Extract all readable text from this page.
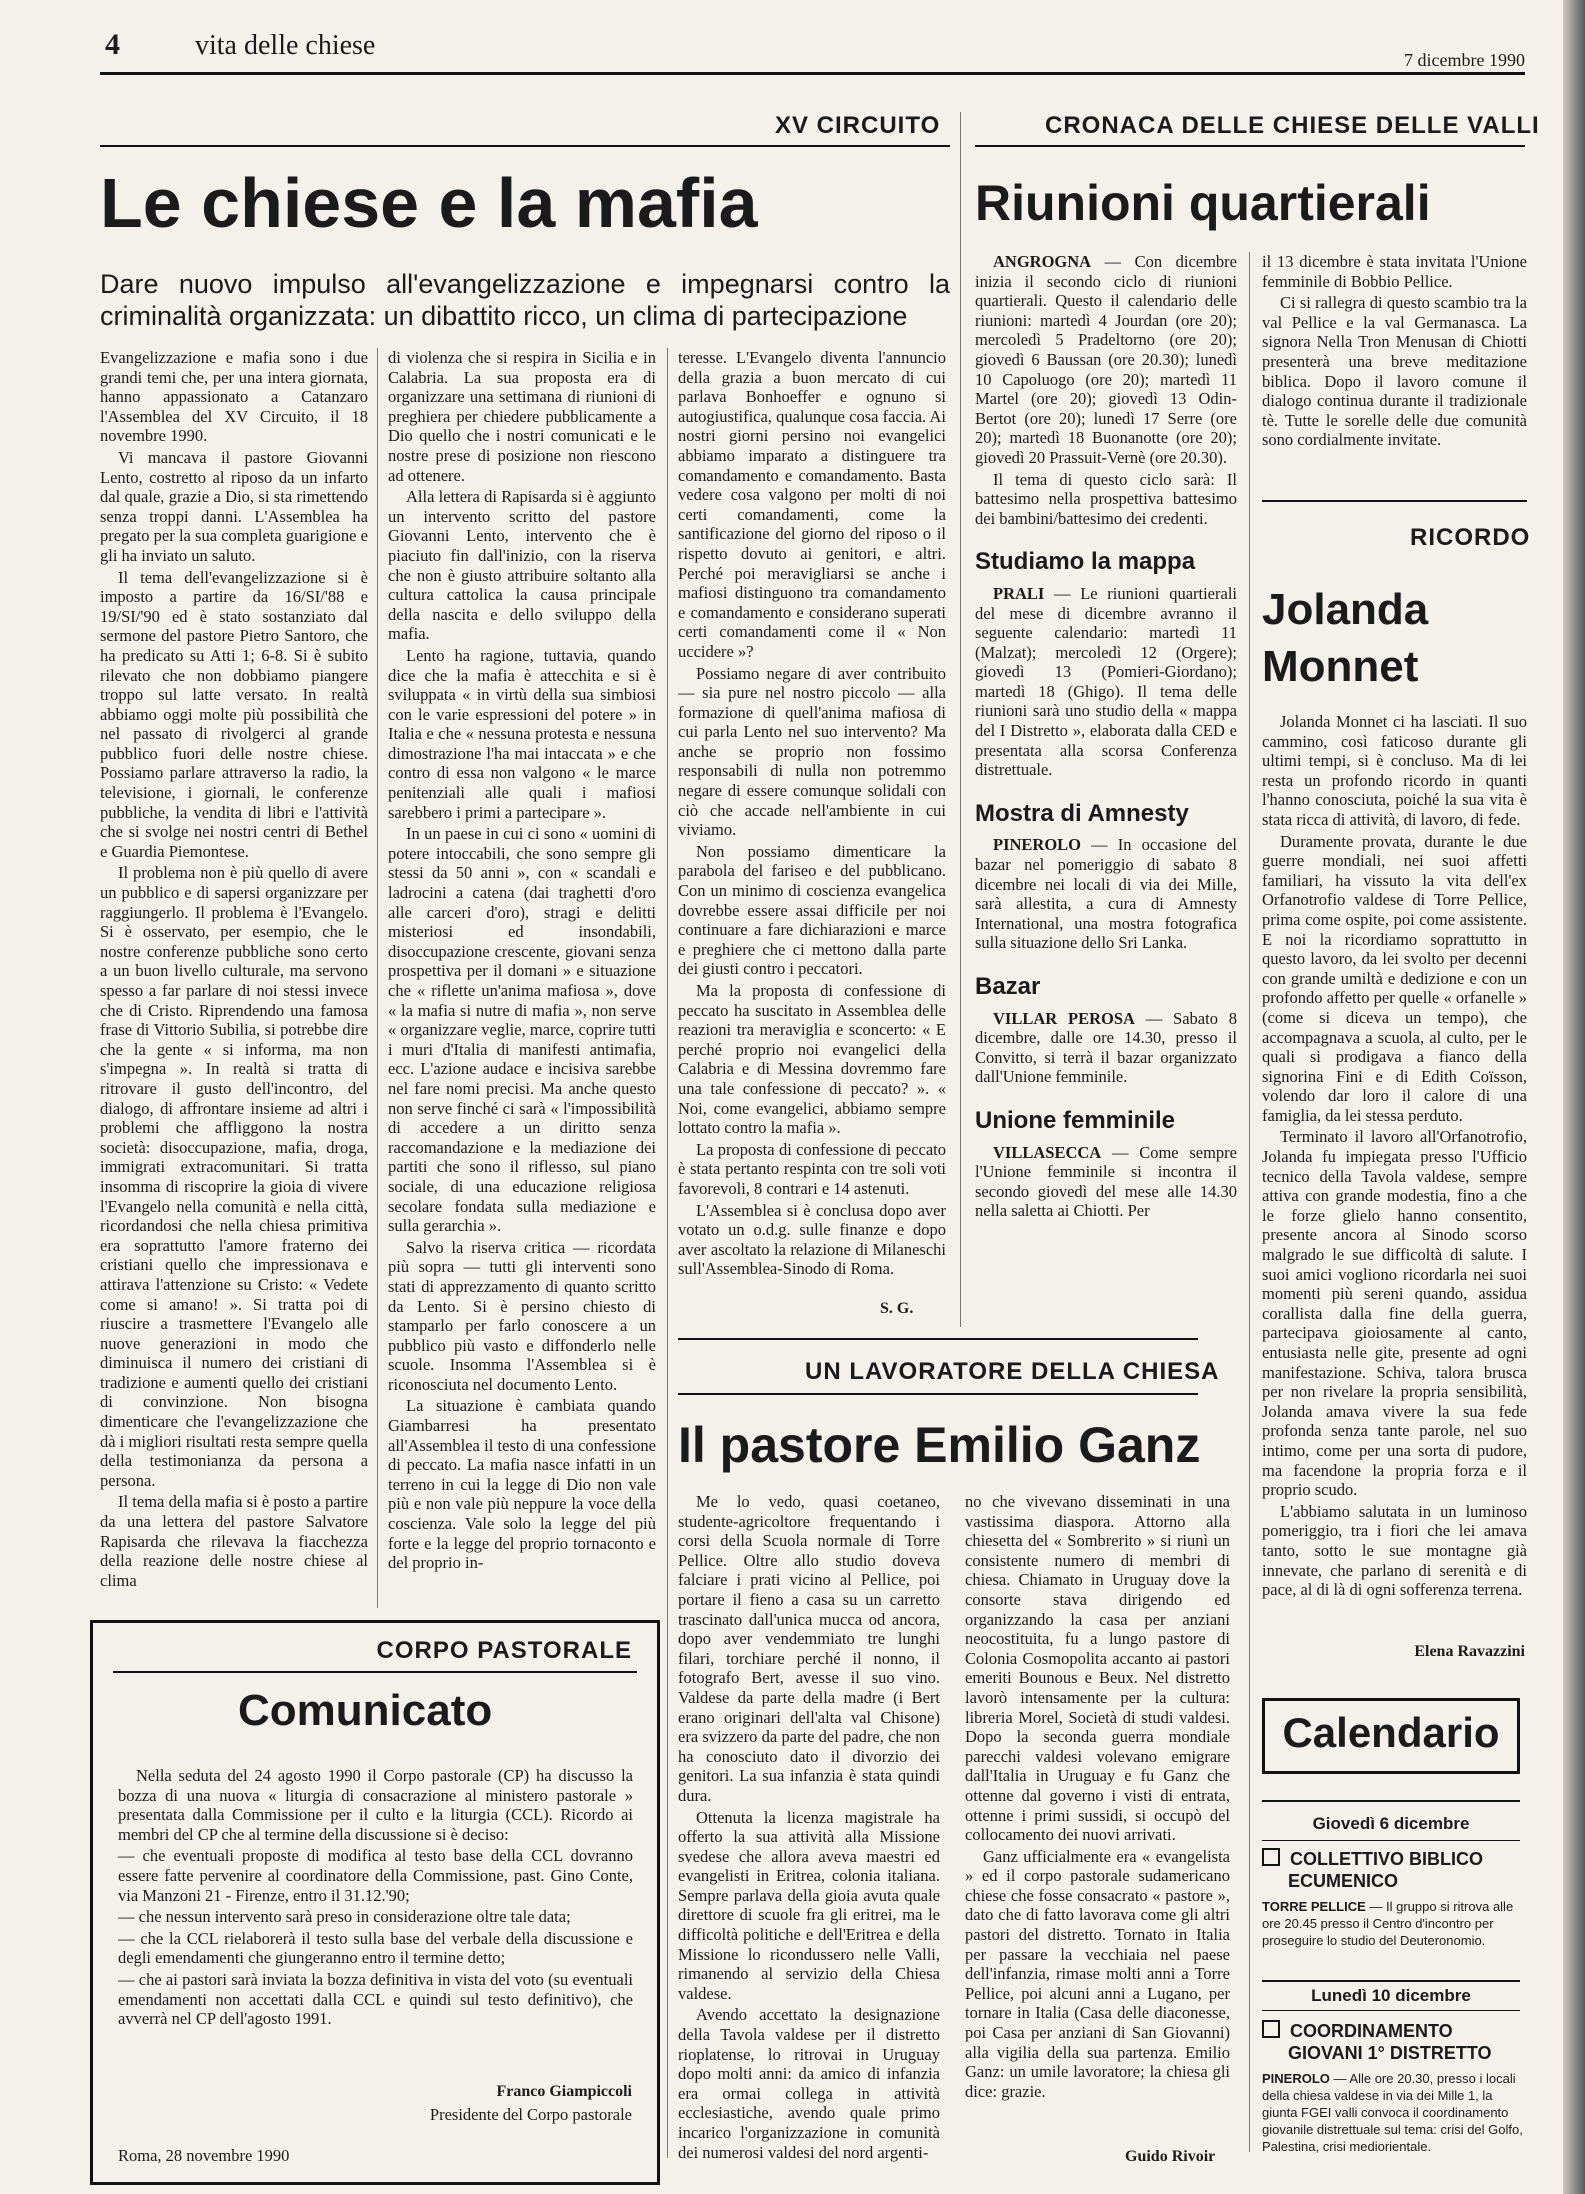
4	vita delle chiese	7 dicembre 1990
XV CIRCUITO
Le chiese e la mafia
Dare nuovo impulso all'evangelizzazione e impegnarsi contro la criminalità organizzata: un dibattito ricco, un clima di partecipazione

Evangelizzazione e mafia sono i due grandi temi che, per una intera giornata, hanno appassionato a Catanzaro l'Assemblea del XV Circuito, il 18 novembre 1990.

Vi mancava il pastore Giovanni Lento, costretto al riposo da un infarto dal quale, grazie a Dio, si sta rimettendo senza troppi danni. L'Assemblea ha pregato per la sua completa guarigione e gli ha inviato un saluto.

Il tema dell'evangelizzazione si è imposto a partire da 16/SI/'88 e 19/SI/'90 ed è stato sostanziato dal sermone del pastore Pietro Santoro, che ha predicato su Atti 1; 6-8. Si è subito rilevato che non dobbiamo piangere troppo sul latte versato. In realtà abbiamo oggi molte più possibilità che nel passato di rivolgerci al grande pubblico fuori delle nostre chiese. Possiamo parlare attraverso la radio, la televisione, i giornali, le conferenze pubbliche, la vendita di libri e l'attività che si svolge nei nostri centri di Bethel e Guardia Piemontese.

Il problema non è più quello di avere un pubblico e di sapersi organizzare per raggiungerlo. Il problema è l'Evangelo. Si è osservato, per esempio, che le nostre conferenze pubbliche sono certo a un buon livello culturale, ma servono spesso a far parlare di noi stessi invece che di Cristo. Riprendendo una famosa frase di Vittorio Subilia, si potrebbe dire che la gente « si informa, ma non s'impegna ». In realtà si tratta di ritrovare il gusto dell'incontro, del dialogo, di affrontare insieme ad altri i problemi che affliggono la nostra società: disoccupazione, mafia, droga, immigrati extracomunitari. Si tratta insomma di riscoprire la gioia di vivere l'Evangelo nella comunità e nella città, ricordandosi che nella chiesa primitiva era soprattutto l'amore fraterno dei cristiani quello che impressionava e attirava l'attenzione su Cristo: « Vedete come si amano! ». Si tratta poi di riuscire a trasmettere l'Evangelo alle nuove generazioni in modo che diminuisca il numero dei cristiani di tradizione e aumenti quello dei cristiani di convinzione. Non bisogna dimenticare che l'evangelizzazione che dà i migliori risultati resta sempre quella della testimonianza da persona a persona.

Il tema della mafia si è posto a partire da una lettera del pastore Salvatore Rapisarda che rilevava la fiacchezza della reazione delle nostre chiese al clima

di violenza che si respira in Sicilia e in Calabria. La sua proposta era di organizzare una settimana di riunioni di preghiera per chiedere pubblicamente a Dio quello che i nostri comunicati e le nostre prese di posizione non riescono ad ottenere.

Alla lettera di Rapisarda si è aggiunto un intervento scritto del pastore Giovanni Lento, intervento che è piaciuto fin dall'inizio, con la riserva che non è giusto attribuire soltanto alla cultura cattolica la causa principale della nascita e dello sviluppo della mafia.

Lento ha ragione, tuttavia, quando dice che la mafia è attecchita e si è sviluppata « in virtù della sua simbiosi con le varie espressioni del potere » in Italia e che « nessuna protesta e nessuna dimostrazione l'ha mai intaccata » e che contro di essa non valgono « le marce penitenziali alle quali i mafiosi sarebbero i primi a partecipare ».

In un paese in cui ci sono « uomini di potere intoccabili, che sono sempre gli stessi da 50 anni », con « scandali e ladrocini a catena (dai traghetti d'oro alle carceri d'oro), stragi e delitti misteriosi ed insondabili, disoccupazione crescente, giovani senza prospettiva per il domani » e situazione che « riflette un'anima mafiosa », dove « la mafia si nutre di mafia », non serve « organizzare veglie, marce, coprire tutti i muri d'Italia di manifesti antimafia, ecc. L'azione audace e incisiva sarebbe nel fare nomi precisi. Ma anche questo non serve finché ci sarà « l'impossibilità di accedere a un diritto senza raccomandazione e la mediazione dei partiti che sono il riflesso, sul piano sociale, di una educazione religiosa secolare fondata sulla mediazione e sulla gerarchia ».

Salvo la riserva critica — ricordata più sopra — tutti gli interventi sono stati di apprezzamento di quanto scritto da Lento. Si è persino chiesto di stamparlo per farlo conoscere a un pubblico più vasto e diffonderlo nelle scuole. Insomma l'Assemblea si è riconosciuta nel documento Lento.

La situazione è cambiata quando Giambarresi ha presentato all'Assemblea il testo di una confessione di peccato. La mafia nasce infatti in un terreno in cui la legge di Dio non vale più e non vale più neppure la voce della coscienza. Vale solo la legge del più forte e la legge del proprio tornaconto e del proprio in-

teresse. L'Evangelo diventa l'annuncio della grazia a buon mercato di cui parlava Bonhoeffer e ognuno si autogiustifica, qualunque cosa faccia. Ai nostri giorni persino noi evangelici abbiamo imparato a distinguere tra comandamento e comandamento. Basta vedere cosa valgono per molti di noi certi comandamenti, come la santificazione del giorno del riposo o il rispetto dovuto ai genitori, e altri. Perché poi meravigliarsi se anche i mafiosi distinguono tra comandamento e comandamento e considerano superati certi comandamenti come il « Non uccidere »?

Possiamo negare di aver contribuito — sia pure nel nostro piccolo — alla formazione di quell'anima mafiosa di cui parla Lento nel suo intervento? Ma anche se proprio non fossimo responsabili di nulla non potremmo negare di essere comunque solidali con ciò che accade nell'ambiente in cui viviamo.

Non possiamo dimenticare la parabola del fariseo e del pubblicano. Con un minimo di coscienza evangelica dovrebbe essere assai difficile per noi continuare a fare dichiarazioni e marce e preghiere che ci mettono dalla parte dei giusti contro i peccatori.

Ma la proposta di confessione di peccato ha suscitato in Assemblea delle reazioni tra meraviglia e sconcerto: « E perché proprio noi evangelici della Calabria e di Messina dovremmo fare una tale confessione di peccato? ». « Noi, come evangelici, abbiamo sempre lottato contro la mafia ».

La proposta di confessione di peccato è stata pertanto respinta con tre soli voti favorevoli, 8 contrari e 14 astenuti.

L'Assemblea si è conclusa dopo aver votato un o.d.g. sulle finanze e dopo aver ascoltato la relazione di Milaneschi sull'Assemblea-Sinodo di Roma.

S. G.
CRONACA DELLE CHIESE DELLE VALLI
Riunioni quartierali

ANGROGNA — Con dicembre inizia il secondo ciclo di riunioni quartierali. Questo il calendario delle riunioni: martedì 4 Jourdan (ore 20); mercoledì 5 Pradeltorno (ore 20); giovedì 6 Baussan (ore 20.30); lunedì 10 Capoluogo (ore 20); martedì 11 Martel (ore 20); giovedì 13 Odin-Bertot (ore 20); lunedì 17 Serre (ore 20); martedì 18 Buonanotte (ore 20); giovedì 20 Prassuit-Vernè (ore 20.30).

Il tema di questo ciclo sarà: Il battesimo nella prospettiva battesimo dei bambini/battesimo dei credenti.

Studiamo la mappa

PRALI — Le riunioni quartierali del mese di dicembre avranno il seguente calendario: martedì 11 (Malzat); mercoledì 12 (Orgere); giovedì 13 (Pomieri-Giordano); martedì 18 (Ghigo). Il tema delle riunioni sarà uno studio della « mappa del I Distretto », elaborata dalla CED e presentata alla scorsa Conferenza distrettuale.

Mostra di Amnesty

PINEROLO — In occasione del bazar nel pomeriggio di sabato 8 dicembre nei locali di via dei Mille, sarà allestita, a cura di Amnesty International, una mostra fotografica sulla situazione dello Sri Lanka.

Bazar

VILLAR PEROSA — Sabato 8 dicembre, dalle ore 14.30, presso il Convitto, si terrà il bazar organizzato dall'Unione femminile.

Unione femminile

VILLASECCA — Come sempre l'Unione femminile si incontra il secondo giovedì del mese alle 14.30 nella saletta ai Chiotti. Per

il 13 dicembre è stata invitata l'Unione femminile di Bobbio Pellice.

Ci si rallegra di questo scambio tra la val Pellice e la val Germanasca. La signora Nella Tron Menusan di Chiotti presenterà una breve meditazione biblica. Dopo il lavoro comune il dialogo continua durante il tradizionale tè. Tutte le sorelle delle due comunità sono cordialmente invitate.

RICORDO
Jolanda
Monnet

Jolanda Monnet ci ha lasciati. Il suo cammino, così faticoso durante gli ultimi tempi, si è concluso. Ma di lei resta un profondo ricordo in quanti l'hanno conosciuta, poiché la sua vita è stata ricca di attività, di lavoro, di fede.

Duramente provata, durante le due guerre mondiali, nei suoi affetti familiari, ha vissuto la vita dell'ex Orfanotrofio valdese di Torre Pellice, prima come ospite, poi come assistente. E noi la ricordiamo soprattutto in questo lavoro, da lei svolto per decenni con grande umiltà e dedizione e con un profondo affetto per quelle « orfanelle » (come si diceva un tempo), che accompagnava a scuola, al culto, per le quali si prodigava a fianco della signorina Fini e di Edith Coïsson, volendo dar loro il calore di una famiglia, da lei stessa perduto.

Terminato il lavoro all'Orfanotrofio, Jolanda fu impiegata presso l'Ufficio tecnico della Tavola valdese, sempre attiva con grande modestia, fino a che le forze glielo hanno consentito, presente ancora al Sinodo scorso malgrado le sue difficoltà di salute. I suoi amici vogliono ricordarla nei suoi momenti più sereni quando, assidua corallista dalla fine della guerra, partecipava gioiosamente al canto, entusiasta nelle gite, presente ad ogni manifestazione. Schiva, talora brusca per non rivelare la propria sensibilità, Jolanda amava vivere la sua fede profonda senza tante parole, nel suo intimo, come per una sorta di pudore, ma facendone la propria forza e il proprio scudo.

L'abbiamo salutata in un luminoso pomeriggio, tra i fiori che lei amava tanto, sotto le sue montagne già innevate, che parlano di serenità e di pace, al di là di ogni sofferenza terrena.

Elena Ravazzini
UN LAVORATORE DELLA CHIESA
Il pastore Emilio Ganz

Me lo vedo, quasi coetaneo, studente-agricoltore frequentando i corsi della Scuola normale di Torre Pellice. Oltre allo studio doveva falciare i prati vicino al Pellice, poi portare il fieno a casa su un carretto trascinato dall'unica mucca od ancora, dopo aver vendemmiato tre lunghi filari, torchiare perché il nonno, il fotografo Bert, avesse il suo vino. Valdese da parte della madre (i Bert erano originari dell'alta val Chisone) era svizzero da parte del padre, che non ha conosciuto dato il divorzio dei genitori. La sua infanzia è stata quindi dura.

Ottenuta la licenza magistrale ha offerto la sua attività alla Missione svedese che allora aveva maestri ed evangelisti in Eritrea, colonia italiana. Sempre parlava della gioia avuta quale direttore di scuole fra gli eritrei, ma le difficoltà politiche e dell'Eritrea e della Missione lo ricondussero nelle Valli, rimanendo al servizio della Chiesa valdese.

Avendo accettato la designazione della Tavola valdese per il distretto rioplatense, lo ritrovai in Uruguay dopo molti anni: da amico di infanzia era ormai collega in attività ecclesiastiche, avendo quale primo incarico l'organizzazione in comunità dei numerosi valdesi del nord argenti-

no che vivevano disseminati in una vastissima diaspora. Attorno alla chiesetta del « Sombrerito » si riunì un consistente numero di membri di chiesa. Chiamato in Uruguay dove la consorte stava dirigendo ed organizzando la casa per anziani neocostituita, fu a lungo pastore di Colonia Cosmopolita accanto ai pastori emeriti Bounous e Beux. Nel distretto lavorò intensamente per la cultura: libreria Morel, Società di studi valdesi. Dopo la seconda guerra mondiale parecchi valdesi volevano emigrare dall'Italia in Uruguay e fu Ganz che ottenne dal governo i visti di entrata, ottenne i primi sussidi, si occupò del collocamento dei nuovi arrivati.

Ganz ufficialmente era « evangelista » ed il corpo pastorale sudamericano chiese che fosse consacrato « pastore », dato che di fatto lavorava come gli altri pastori del distretto. Tornato in Italia per passare la vecchiaia nel paese dell'infanzia, rimase molti anni a Torre Pellice, poi alcuni anni a Lugano, per tornare in Italia (Casa delle diaconesse, poi Casa per anziani di San Giovanni) alla vigilia della sua partenza. Emilio Ganz: un umile lavoratore; la chiesa gli dice: grazie.

Guido Rivoir
CORPO PASTORALE
Comunicato

Nella seduta del 24 agosto 1990 il Corpo pastorale (CP) ha discusso la bozza di una nuova « liturgia di consacrazione al ministero pastorale » presentata dalla Commissione per il culto e la liturgia (CCL). Ricordo ai membri del CP che al termine della discussione si è deciso:

— che eventuali proposte di modifica al testo base della CCL dovranno essere fatte pervenire al coordinatore della Commissione, past. Gino Conte, via Manzoni 21 - Firenze, entro il 31.12.'90;

— che nessun intervento sarà preso in considerazione oltre tale data;

— che la CCL rielaborerà il testo sulla base del verbale della discussione e degli emendamenti che giungeranno entro il termine detto;

— che ai pastori sarà inviata la bozza definitiva in vista del voto (su eventuali emendamenti non accettati dalla CCL e quindi sul testo definitivo), che avverrà nel CP dell'agosto 1991.

Franco Giampiccoli
Presidente del Corpo pastorale
Roma, 28 novembre 1990
Calendario
Giovedì 6 dicembre
COLLETTIVO BIBLICO
ECUMENICO
TORRE PELLICE — Il gruppo si ritrova alle ore 20.45 presso il Centro d'incontro per proseguire lo studio del Deuteronomio.
Lunedì 10 dicembre
COORDINAMENTO
GIOVANI 1° DISTRETTO
PINEROLO — Alle ore 20.30, presso i locali della chiesa valdese in via dei Mille 1, la giunta FGEI valli convoca il coordinamento giovanile distrettuale sul tema: crisi del Golfo, Palestina, crisi mediorientale.
